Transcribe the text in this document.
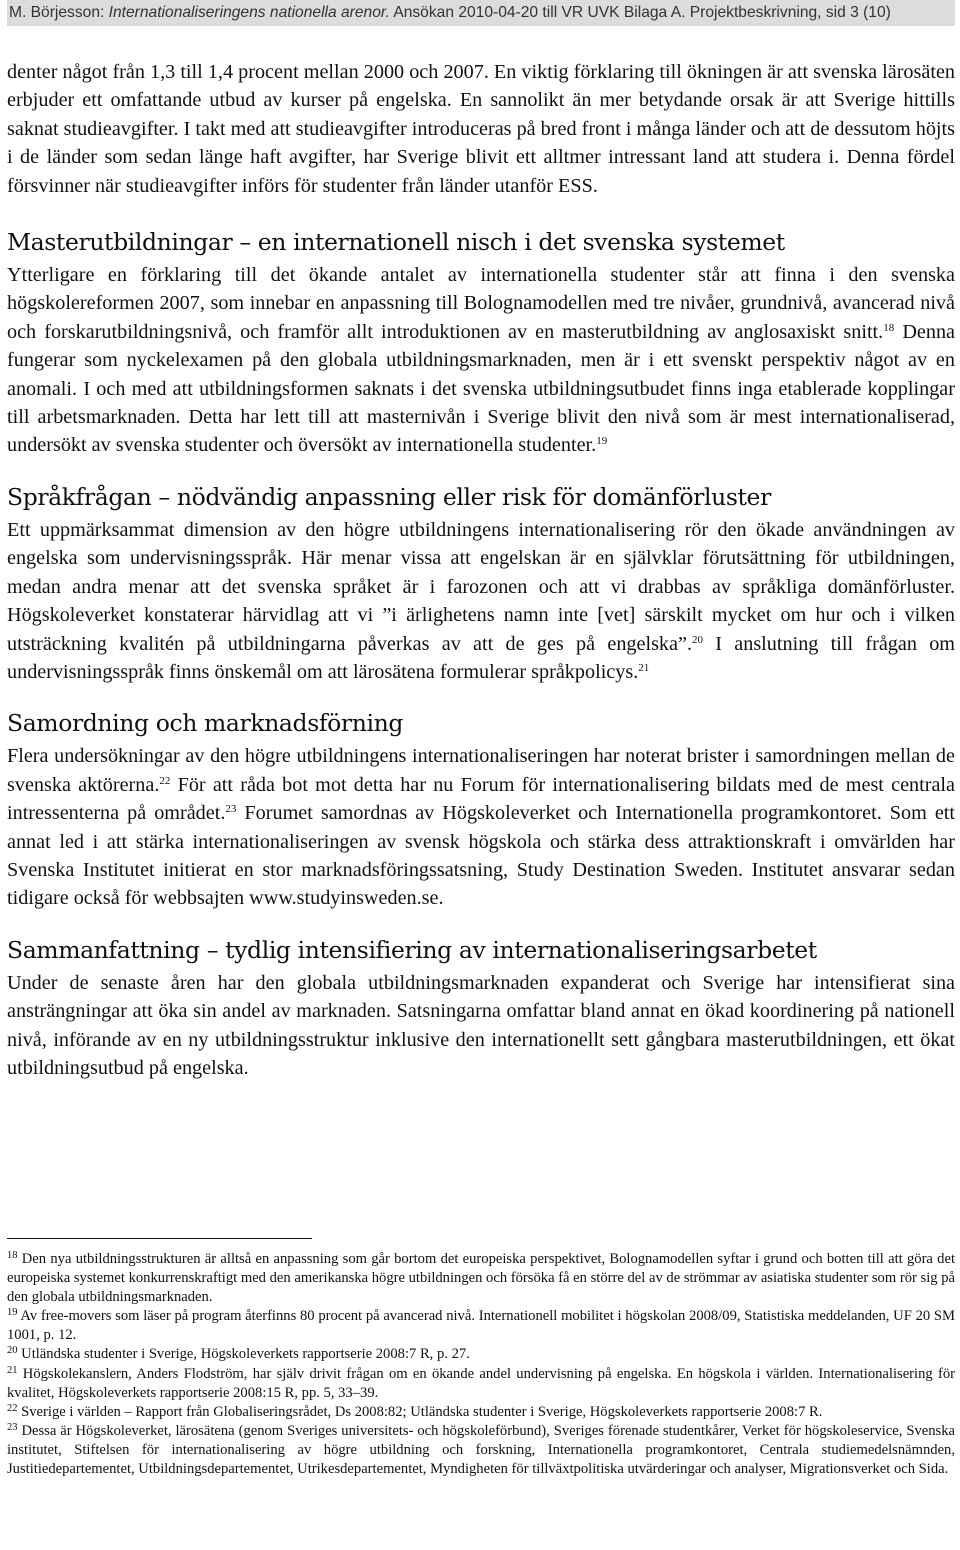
M. Börjesson: Internationaliseringens nationella arenor. Ansökan 2010-04-20 till VR UVK Bilaga A. Projektbeskrivning, sid 3 (10)

denter något från 1,3 till 1,4 procent mellan 2000 och 2007. En viktig förklaring till ökningen är att svenska lärosäten erbjuder ett omfattande utbud av kurser på engelska. En sannolikt än mer betydande orsak är att Sverige hittills saknat studieavgifter. I takt med att studieavgifter introduceras på bred front i många länder och att de dessutom höjts i de länder som sedan länge haft avgifter, har Sverige blivit ett alltmer intressant land att studera i. Denna fördel försvinner när studieavgifter införs för studenter från länder utanför ESS.

Masterutbildningar – en internationell nisch i det svenska systemet

Ytterligare en förklaring till det ökande antalet av internationella studenter står att finna i den svenska högskolereformen 2007, som innebar en anpassning till Bolognamodellen med tre nivåer, grundnivå, avancerad nivå och forskarutbildningsnivå, och framför allt introduktionen av en masterutbildning av anglosaxiskt snitt.$^{18}$ Denna fungerar som nyckelexamen på den globala utbildningsmarknaden, men är i ett svenskt perspektiv något av en anomali. I och med att utbildningsformen saknats i det svenska utbildningsutbudet finns inga etablerade kopplingar till arbetsmarknaden. Detta har lett till att masternivån i Sverige blivit den nivå som är mest internationaliserad, undersökt av svenska studenter och översökt av internationella studenter.$^{19}$

Språkfrågan – nödvändig anpassning eller risk för domänförluster

Ett uppmärksammat dimension av den högre utbildningens internationalisering rör den ökade användningen av engelska som undervisningsspråk. Här menar vissa att engelskan är en självklar förutsättning för utbildningen, medan andra menar att det svenska språket är i farozonen och att vi drabbas av språkliga domänförluster. Högskoleverket konstaterar härvidlag att vi ”i ärlighetens namn inte [vet] särskilt mycket om hur och i vilken utsträckning kvalitén på utbildningarna påverkas av att de ges på engelska”.$^{20}$ I anslutning till frågan om undervisningsspråk finns önskemål om att lärosätena formulerar språkpolicys.$^{21}$

Samordning och marknadsförning

Flera undersökningar av den högre utbildningens internationaliseringen har noterat brister i samordningen mellan de svenska aktörerna.$^{22}$ För att råda bot mot detta har nu Forum för internationalisering bildats med de mest centrala intressenterna på området.$^{23}$ Forumet samordnas av Högskoleverket och Internationella programkontoret. Som ett annat led i att stärka internationaliseringen av svensk högskola och stärka dess attraktionskraft i omvärlden har Svenska Institutet initierat en stor marknadsföringssatsning, Study Destination Sweden. Institutet ansvarar sedan tidigare också för webbsajten www.studyinsweden.se.

Sammanfattning – tydlig intensifiering av internationaliseringsarbetet

Under de senaste åren har den globala utbildningsmarknaden expanderat och Sverige har intensifierat sina ansträngningar att öka sin andel av marknaden. Satsningarna omfattar bland annat en ökad koordinering på nationell nivå, införande av en ny utbildningsstruktur inklusive den internationellt sett gångbara masterutbildningen, ett ökat utbildningsutbud på engelska.

$^{18}$ Den nya utbildningsstrukturen är alltså en anpassning som går bortom det europeiska perspektivet, Bolognamodellen syftar i grund och botten till att göra det europeiska systemet konkurrenskraftigt med den amerikanska högre utbildningen och försöka få en större del av de strömmar av asiatiska studenter som rör sig på den globala utbildningsmarknaden.

$^{19}$ Av free-movers som läser på program återfinns 80 procent på avancerad nivå. Internationell mobilitet i högskolan 2008/09, Statistiska meddelanden, UF 20 SM 1001, p. 12.

$^{20}$ Utländska studenter i Sverige, Högskoleverkets rapportserie 2008:7 R, p. 27.

$^{21}$ Högskolekanslern, Anders Flodström, har själv drivit frågan om en ökande andel undervisning på engelska. En högskola i världen. Internationalisering för kvalitet, Högskoleverkets rapportserie 2008:15 R, pp. 5, 33–39.

$^{22}$ Sverige i världen – Rapport från Globaliseringsrådet, Ds 2008:82; Utländska studenter i Sverige, Högskoleverkets rapportserie 2008:7 R.

$^{23}$ Dessa är Högskoleverket, lärosätena (genom Sveriges universitets- och högskoleförbund), Sveriges förenade studentkårer, Verket för högskoleservice, Svenska institutet, Stiftelsen för internationalisering av högre utbildning och forskning, Internationella programkontoret, Centrala studiemedelsnämnden, Justitiedepartementet, Utbildningsdepartementet, Utrikesdepartementet, Myndigheten för tillväxtpolitiska utvärderingar och analyser, Migrationsverket och Sida.
